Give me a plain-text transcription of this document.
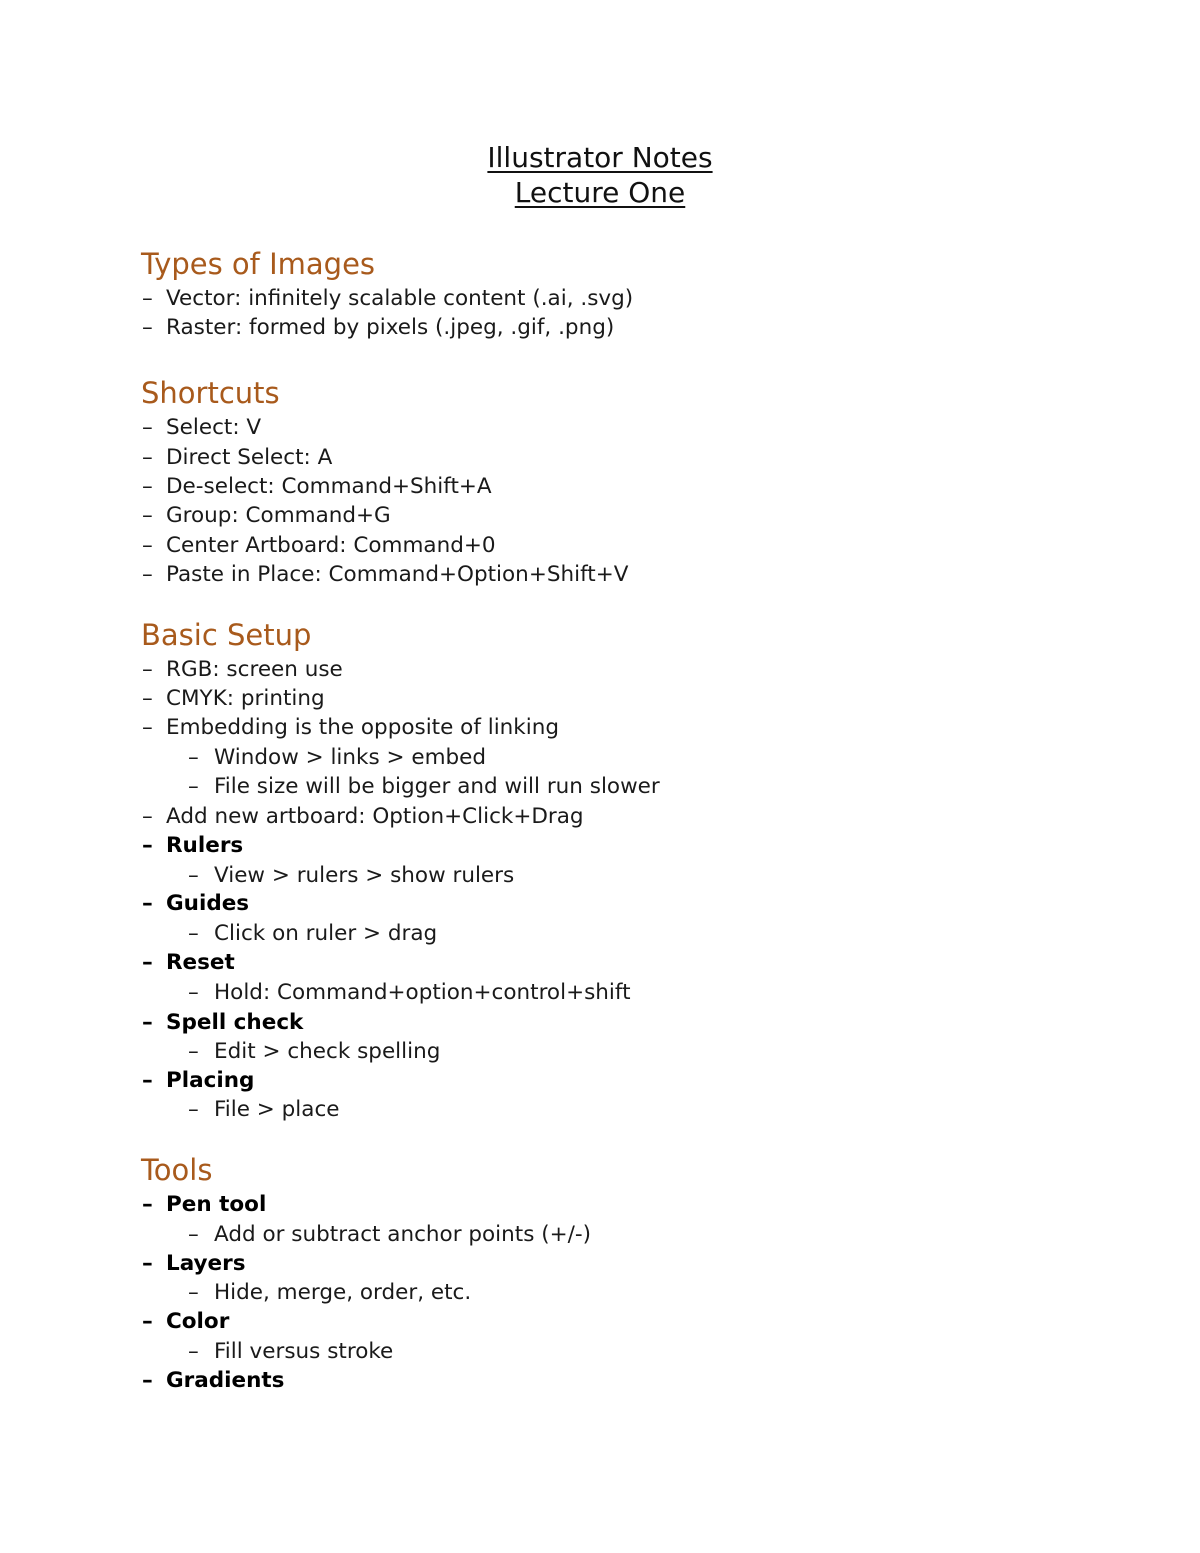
Illustrator Notes
Lecture One
Types of Images
– Vector: infinitely scalable content (.ai, .svg)
– Raster: formed by pixels (.jpeg, .gif, .png)
Shortcuts
– Select: V
– Direct Select: A
– De-select: Command+Shift+A
– Group: Command+G
– Center Artboard: Command+0
– Paste in Place: Command+Option+Shift+V
Basic Setup
– RGB: screen use
– CMYK: printing
– Embedding is the opposite of linking
– Window > links > embed
– File size will be bigger and will run slower
– Add new artboard: Option+Click+Drag
– Rulers
– View > rulers > show rulers
– Guides
– Click on ruler > drag
– Reset
– Hold: Command+option+control+shift
– Spell check
– Edit > check spelling
– Placing
– File > place
Tools
– Pen tool
– Add or subtract anchor points (+/-)
– Layers
– Hide, merge, order, etc.
– Color
– Fill versus stroke
– Gradients
